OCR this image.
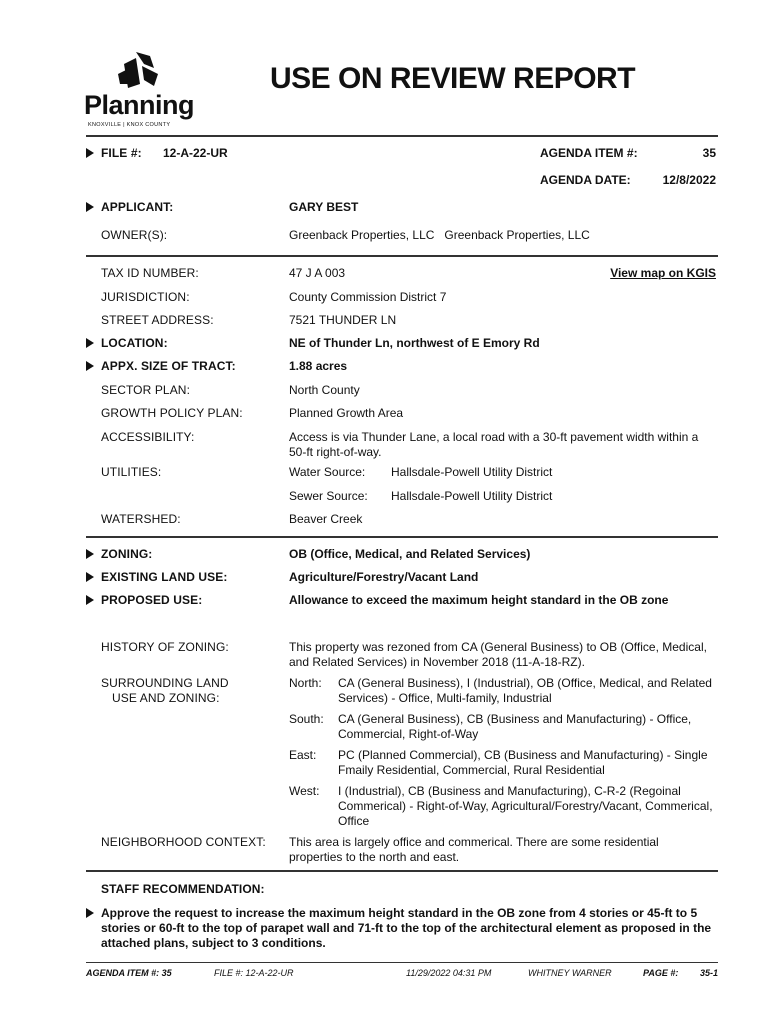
Planning
KNOXVILLE | KNOX COUNTY
USE ON REVIEW REPORT
FILE #: 12-A-22-UR	AGENDA ITEM #:	35
AGENDA DATE:	12/8/2022
APPLICANT:	GARY BEST
OWNER(S):	Greenback Properties, LLC   Greenback Properties, LLC
TAX ID NUMBER:	47 J A 003	View map on KGIS
JURISDICTION:	County Commission District 7
STREET ADDRESS:	7521 THUNDER LN
LOCATION:	NE of Thunder Ln, northwest of E Emory Rd
APPX. SIZE OF TRACT:	1.88 acres
SECTOR PLAN:	North County
GROWTH POLICY PLAN:	Planned Growth Area
ACCESSIBILITY:	Access is via Thunder Lane, a local road with a 30-ft pavement width within a 50-ft right-of-way.
UTILITIES:	Water Source: Hallsdale-Powell Utility District
Sewer Source: Hallsdale-Powell Utility District
WATERSHED:	Beaver Creek
ZONING:	OB (Office, Medical, and Related Services)
EXISTING LAND USE:	Agriculture/Forestry/Vacant Land
PROPOSED USE:	Allowance to exceed the maximum height standard in the OB zone
HISTORY OF ZONING:	This property was rezoned from CA (General Business) to OB (Office, Medical, and Related Services) in November 2018 (11-A-18-RZ).
SURROUNDING LAND
USE AND ZONING:
North: CA (General Business), I (Industrial), OB (Office, Medical, and Related Services) - Office, Multi-family, Industrial
South: CA (General Business), CB (Business and Manufacturing) - Office, Commercial, Right-of-Way
East: PC (Planned Commercial), CB (Business and Manufacturing) - Single Fmaily Residential, Commercial, Rural Residential
West: I (Industrial), CB (Business and Manufacturing), C-R-2 (Regoinal Commerical) - Right-of-Way, Agricultural/Forestry/Vacant, Commerical, Office
NEIGHBORHOOD CONTEXT: This area is largely office and commerical. There are some residential properties to the north and east.
STAFF RECOMMENDATION:
Approve the request to increase the maximum height standard in the OB zone from 4 stories or 45-ft to 5 stories or 60-ft to the top of parapet wall and 71-ft to the top of the architectural element as proposed in the attached plans, subject to 3 conditions.
AGENDA ITEM #: 35	FILE #: 12-A-22-UR	11/29/2022 04:31 PM	WHITNEY WARNER	PAGE #:	35-1
